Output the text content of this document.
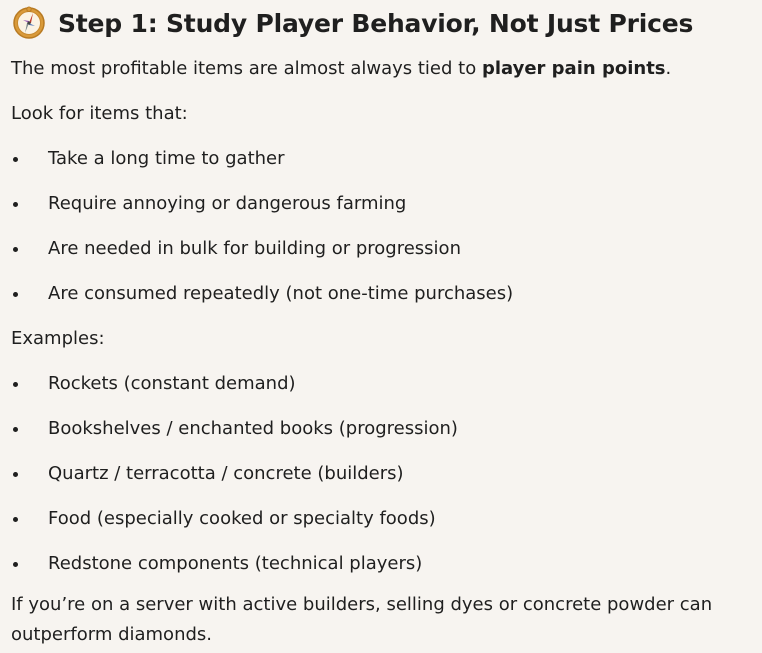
Step 1: Study Player Behavior, Not Just Prices
The most profitable items are almost always tied to player pain points.
Look for items that:
Take a long time to gather
Require annoying or dangerous farming
Are needed in bulk for building or progression
Are consumed repeatedly (not one-time purchases)
Examples:
Rockets (constant demand)
Bookshelves / enchanted books (progression)
Quartz / terracotta / concrete (builders)
Food (especially cooked or specialty foods)
Redstone components (technical players)
If you’re on a server with active builders, selling dyes or concrete powder can outperform diamonds.
